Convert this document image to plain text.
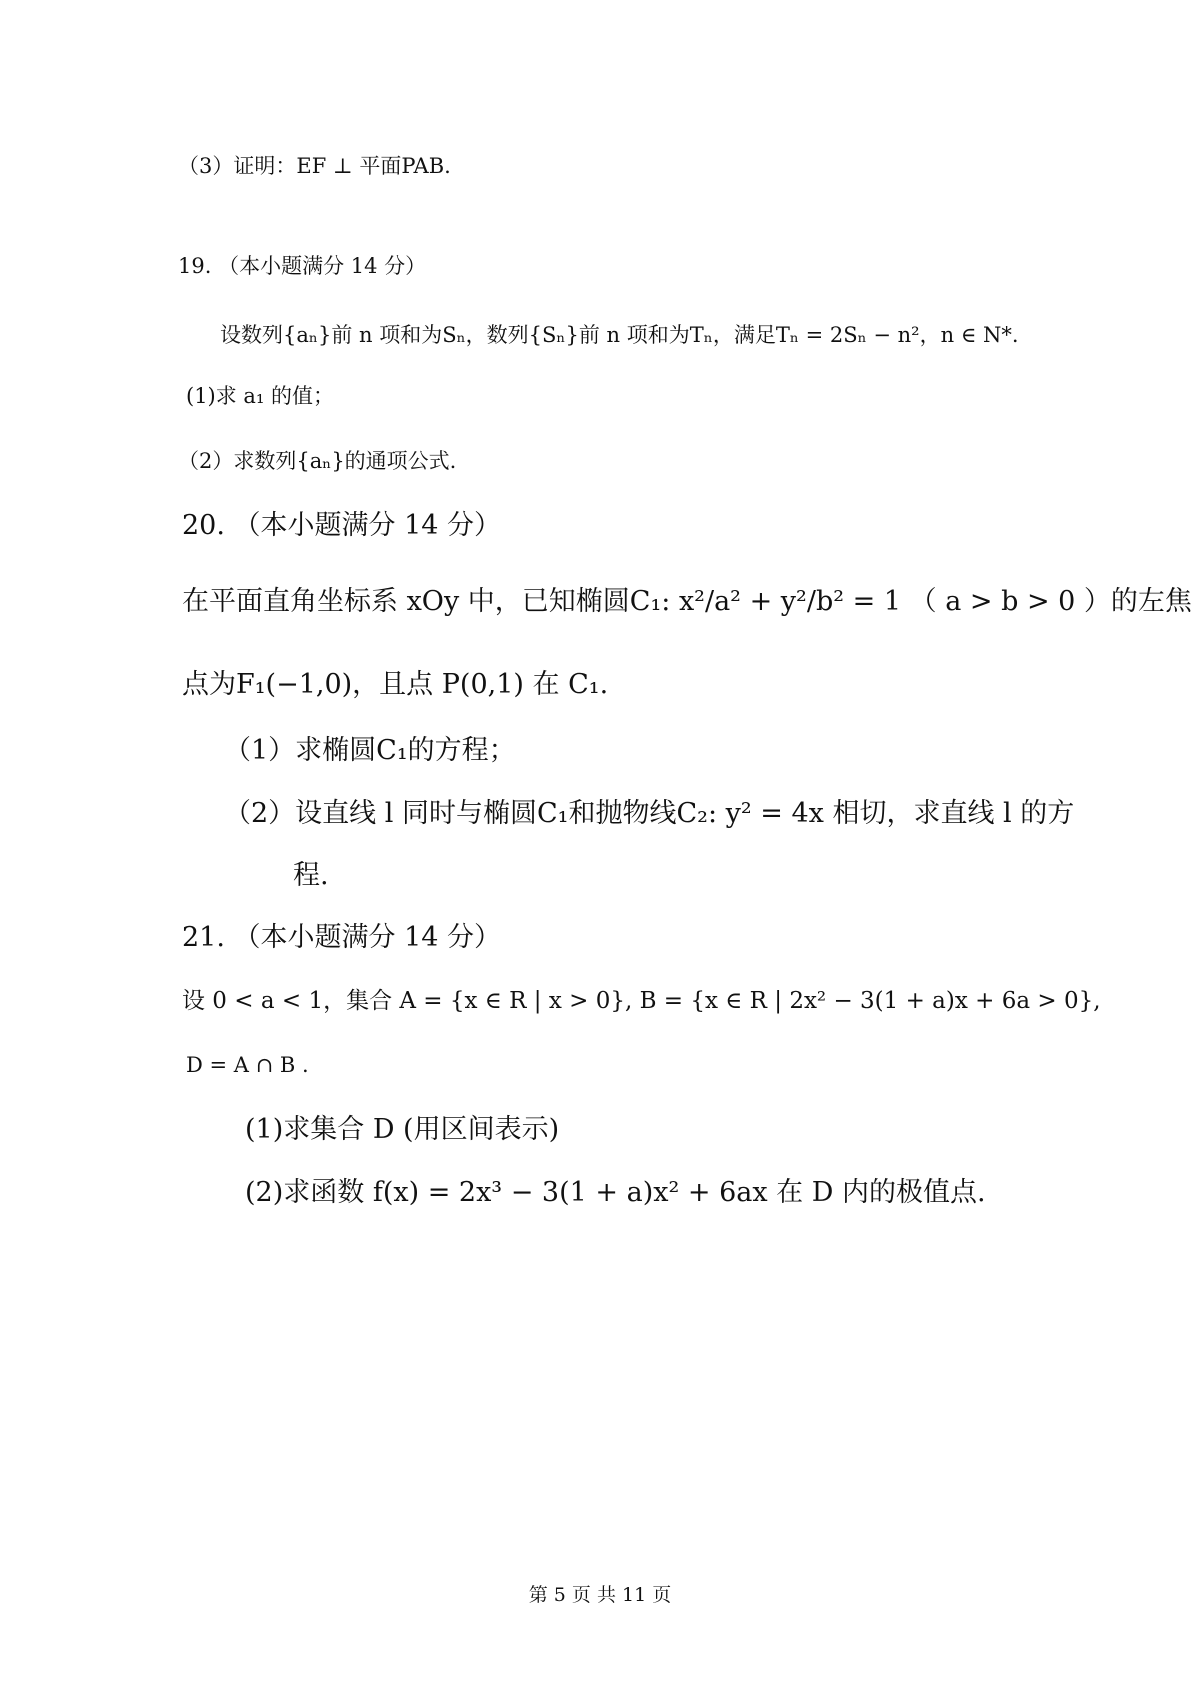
（3）证明：EF ⊥ 平面PAB.
19. （本小题满分 14 分）
设数列{aₙ}前 n 项和为Sₙ，数列{Sₙ}前 n 项和为Tₙ，满足Tₙ = 2Sₙ − n²，n ∈ N*.
(1)求 a₁ 的值；
（2）求数列{aₙ}的通项公式.
20. （本小题满分 14 分）
在平面直角坐标系 xOy 中，已知椭圆C₁: x²/a² + y²/b² = 1 （ a > b > 0 ）的左焦
点为F₁(−1,0)，且点 P(0,1) 在 C₁.
（1）求椭圆C₁的方程；
（2）设直线 l 同时与椭圆C₁和抛物线C₂: y² = 4x 相切，求直线 l 的方
程.
21. （本小题满分 14 分）
设 0 < a < 1，集合 A = {x ∈ R | x > 0}, B = {x ∈ R | 2x² − 3(1 + a)x + 6a > 0},
D = A ∩ B .
(1)求集合 D (用区间表示)
(2)求函数 f(x) = 2x³ − 3(1 + a)x² + 6ax 在 D 内的极值点.
第 5 页 共 11 页
